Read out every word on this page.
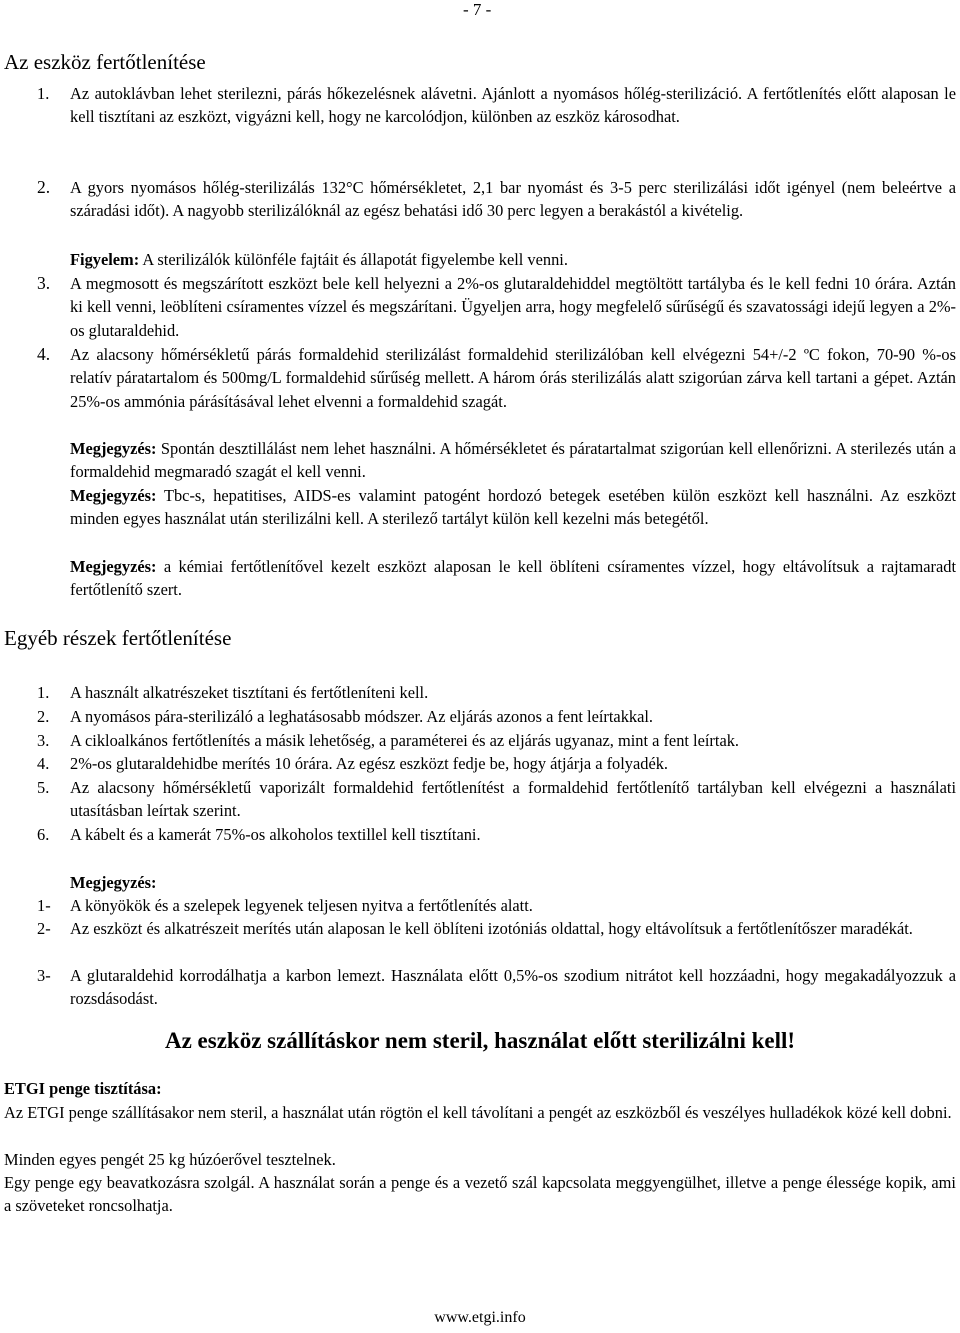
- 7 -
Az eszköz fertőtlenítése
1. Az autoklávban lehet sterilezni, párás hőkezelésnek alávetni. Ajánlott a nyomásos hőlég-sterilizáció. A fertőtlenítés előtt alaposan le kell tisztítani az eszközt, vigyázni kell, hogy ne karcolódjon, különben az eszköz károsodhat.
2. A gyors nyomásos hőlég-sterilizálás 132°C hőmérsékletet, 2,1 bar nyomást és 3-5 perc sterilizálási időt igényel (nem beleértve a száradási időt). A nagyobb sterilizálóknál az egész behatási idő 30 perc legyen a berakástól a kivételig.
Figyelem: A sterilizálók különféle fajtáit és állapotát figyelembe kell venni.
3. A megmosott és megszárított eszközt bele kell helyezni a 2%-os glutaraldehiddel megtöltött tartályba és le kell fedni 10 órára. Aztán ki kell venni, leöblíteni csíramentes vízzel és megszárítani. Ügyeljen arra, hogy megfelelő sűrűségű és szavatossági idejű legyen a 2%-os glutaraldehid.
4. Az alacsony hőmérsékletű párás formaldehid sterilizálást formaldehid sterilizálóban kell elvégezni 54+/-2 ºC fokon, 70-90 %-os relatív páratartalom és 500mg/L formaldehid sűrűség mellett. A három órás sterilizálás alatt szigorúan zárva kell tartani a gépet. Aztán 25%-os ammónia párásításával lehet elvenni a formaldehid szagát.
Megjegyzés: Spontán desztillálást nem lehet használni. A hőmérsékletet és páratartalmat szigorúan kell ellenőrizni. A sterilezés után a formaldehid megmaradó szagát el kell venni.
Megjegyzés: Tbc-s, hepatitises, AIDS-es valamint patogént hordozó betegek esetében külön eszközt kell használni. Az eszközt minden egyes használat után sterilizálni kell. A sterilező tartályt külön kell kezelni más betegétől.
Megjegyzés: a kémiai fertőtlenítővel kezelt eszközt alaposan le kell öblíteni csíramentes vízzel, hogy eltávolítsuk a rajtamaradt fertőtlenítő szert.
Egyéb részek fertőtlenítése
1. A használt alkatrészeket tisztítani és fertőtleníteni kell.
2. A nyomásos pára-sterilizáló a leghatásosabb módszer. Az eljárás azonos a fent leírtakkal.
3. A cikloalkános fertőtlenítés a másik lehetőség, a paraméterei és az eljárás ugyanaz, mint a fent leírtak.
4. 2%-os glutaraldehidbe merítés 10 órára. Az egész eszközt fedje be, hogy átjárja a folyadék.
5. Az alacsony hőmérsékletű vaporizált formaldehid fertőtlenítést a formaldehid fertőtlenítő tartályban kell elvégezni a használati utasításban leírtak szerint.
6. A kábelt és a kamerát 75%-os alkoholos textillel kell tisztítani.
Megjegyzés:
1- A könyökök és a szelepek legyenek teljesen nyitva a fertőtlenítés alatt.
2- Az eszközt és alkatrészeit merítés után alaposan le kell öblíteni izotóniás oldattal, hogy eltávolítsuk a fertőtlenítőszer maradékát.
3- A glutaraldehid korrodálhatja a karbon lemezt. Használata előtt 0,5%-os szodium nitrátot kell hozzáadni, hogy megakadályozzuk a rozsdásodást.
Az eszköz szállításkor nem steril, használat előtt sterilizálni kell!
ETGI penge tisztítása:
Az ETGI penge szállításakor nem steril, a használat után rögtön el kell távolítani a pengét az eszközből és veszélyes hulladékok közé kell dobni.
Minden egyes pengét 25 kg húzóerővel tesztelnek.
Egy penge egy beavatkozásra szolgál. A használat során a penge és a vezető szál kapcsolata meggyengülhet, illetve a penge élessége kopik, ami a szöveteket roncsolhatja.
www.etgi.info
